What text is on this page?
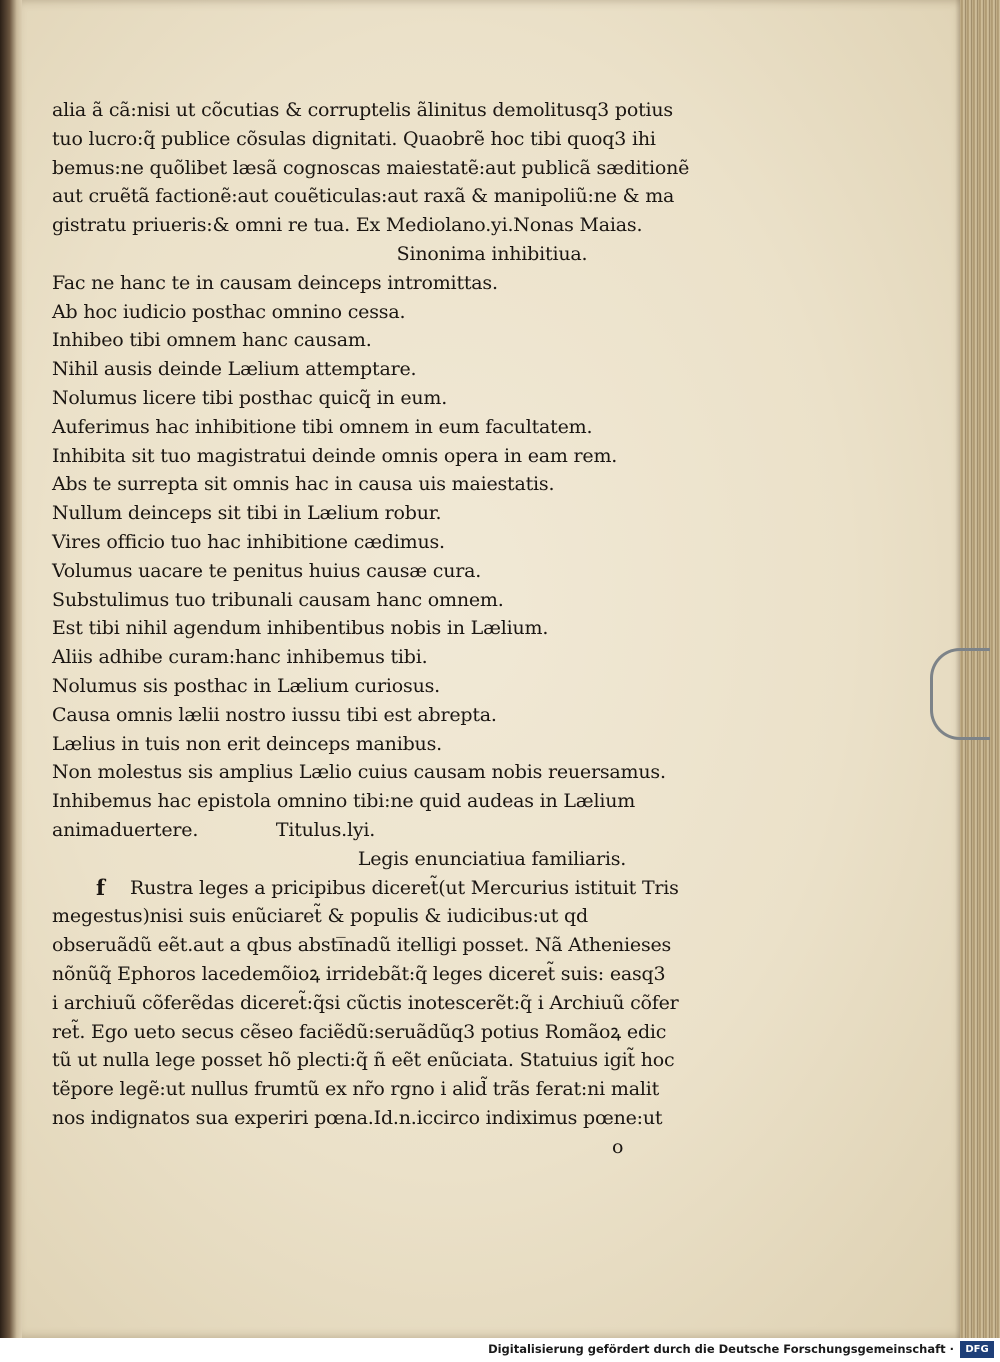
alia ã cã:nisi ut cõcutias & corruptelis ãlinitus demolitusq3 potius
tuo lucro:q̃ publice cõsulas dignitati. Quaobrẽ hoc tibi quoq3 ihi
bemus:ne quõlibet læsã cognoscas maiestatẽ:aut publicã sæditionẽ
aut cruẽtã factionẽ:aut couẽticulas:aut raxã & manipoliũ:ne & ma
gistratu priueris:& omni re tua. Ex Mediolano.yi.Nonas Maias.
Sinonima inhibitiua.
Fac ne hanc te in causam deinceps intromittas.
Ab hoc iudicio posthac omnino cessa.
Inhibeo tibi omnem hanc causam.
Nihil ausis deinde Lælium attemptare.
Nolumus licere tibi posthac quicq̃ in eum.
Auferimus hac inhibitione tibi omnem in eum facultatem.
Inhibita sit tuo magistratui deinde omnis opera in eam rem.
Abs te surrepta sit omnis hac in causa uis maiestatis.
Nullum deinceps sit tibi in Lælium robur.
Vires officio tuo hac inhibitione cædimus.
Volumus uacare te penitus huius causæ cura.
Substulimus tuo tribunali causam hanc omnem.
Est tibi nihil agendum inhibentibus nobis in Lælium.
Aliis adhibe curam:hanc inhibemus tibi.
Nolumus sis posthac in Lælium curiosus.
Causa omnis lælii nostro iussu tibi est abrepta.
Lælius in tuis non erit deinceps manibus.
Non molestus sis amplius Lælio cuius causam nobis reuersamus.
Inhibemus hac epistola omnino tibi:ne quid audeas in Lælium
animaduertere.	Titulus.lyi.
Legis enunciatiua familiaris.
f	Rustra leges a pricipibus diceret̃(ut Mercurius istituit Tris
megestus)nisi suis enũciaret̃ & populis & iudicibus:ut qd
obseruãdũ eẽt.aut a qbus absti̅nadũ itelligi posset. Nã Athenieses
nõnũq̃ Ephoros lacedemõioꝝ irridebãt:q̃ leges diceret̃ suis: easq3
i archiuũ cõferẽdas diceret̃:q̃si cũctis inotescerẽt:q̃ i Archiuũ cõfer
ret̃. Ego ueto secus cẽseo faciẽdũ:seruãdũq3 potius Romãoꝝ edic
tũ ut nulla lege posset hõ plecti:q̃ ñ eẽt enũciata. Statuius igit̃ hoc
tẽpore legẽ:ut nullus frumtũ ex nr̃o rgno i alid̃ trãs ferat:ni malit
nos indignatos sua experiri pœna.Id.n.iccirco indiximus pœne:ut
o
Digitalisierung gefördert durch die Deutsche Forschungsgemeinschaft ·	DFG
